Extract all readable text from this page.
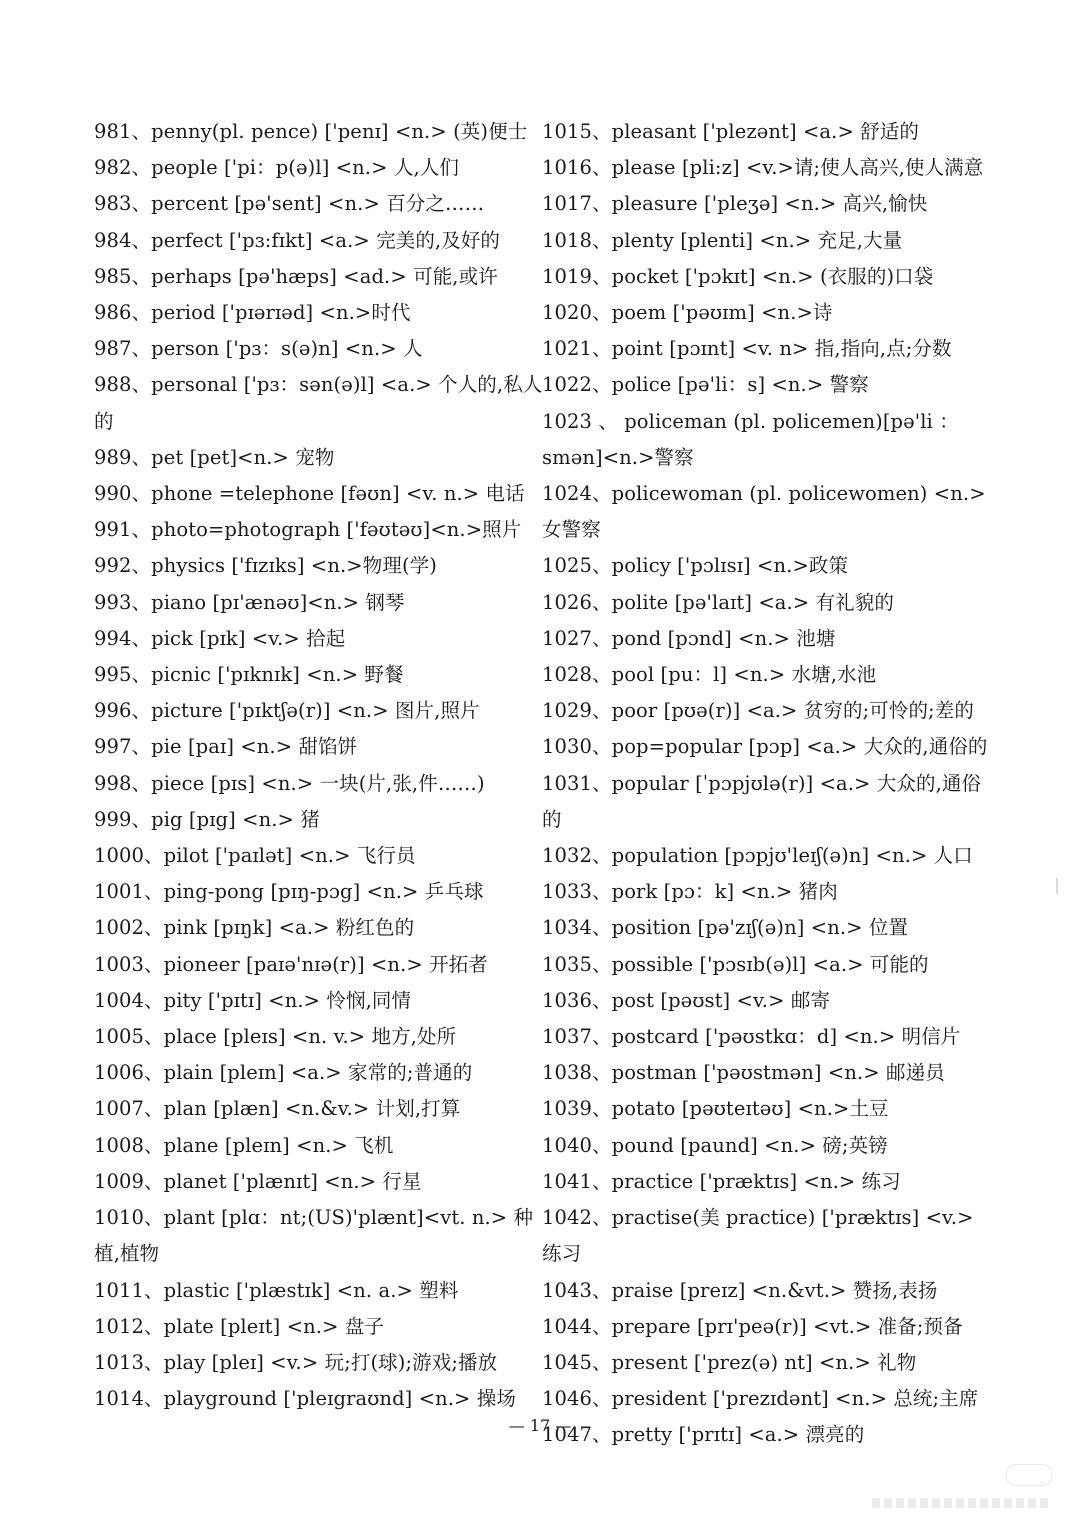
981、penny(pl. pence) ['penɪ] <n.> (英)便士
982、people ['pi：p(ə)l] <n.> 人,人们
983、percent [pə'sent] <n.> 百分之……
984、perfect ['pɜ:fɪkt] <a.> 完美的,及好的
985、perhaps [pə'hæps] <ad.> 可能,或许
986、period ['pɪərɪəd] <n.>时代
987、person ['pɜ：s(ə)n] <n.> 人
988、personal ['pɜ：sən(ə)l] <a.> 个人的,私人的
989、pet [pet]<n.> 宠物
990、phone =telephone [fəʊn] <v. n.> 电话
991、photo=photograph ['fəʊtəʊ]<n.>照片
992、physics ['fɪzɪks] <n.>物理(学)
993、piano [pɪ'ænəʊ]<n.> 钢琴
994、pick [pɪk] <v.> 拾起
995、picnic ['pɪknɪk] <n.> 野餐
996、picture ['pɪktʃə(r)] <n.> 图片,照片
997、pie [paɪ] <n.> 甜馅饼
998、piece [pɪs] <n.> 一块(片,张,件……)
999、pig [pɪg] <n.> 猪
1000、pilot ['paɪlət] <n.> 飞行员
1001、ping-pong [pɪŋ-pɔg] <n.> 乒乓球
1002、pink [pɪŋk] <a.> 粉红色的
1003、pioneer [paɪə'nɪə(r)] <n.> 开拓者
1004、pity ['pɪtɪ] <n.> 怜悯,同情
1005、place [pleɪs] <n. v.> 地方,处所
1006、plain [pleɪn] <a.> 家常的;普通的
1007、plan [plæn] <n.&v.> 计划,打算
1008、plane [pleɪn] <n.> 飞机
1009、planet ['plænɪt] <n.> 行星
1010、plant [plɑ：nt;(US)'plænt]<vt. n.> 种植,植物
1011、plastic ['plæstɪk] <n. a.> 塑料
1012、plate [pleɪt] <n.> 盘子
1013、play [pleɪ] <v.> 玩;打(球);游戏;播放
1014、playground ['pleɪgraʊnd] <n.> 操场
1015、pleasant ['plezənt] <a.> 舒适的
1016、please [pli:z] <v.>请;使人高兴,使人满意
1017、pleasure ['pleʒə] <n.> 高兴,愉快
1018、plenty [plenti] <n.> 充足,大量
1019、pocket ['pɔkɪt] <n.> (衣服的)口袋
1020、poem ['pəʊɪm] <n.>诗
1021、point [pɔɪnt] <v. n> 指,指向,点;分数
1022、police [pə'li：s] <n.> 警察
1023 、 policeman (pl. policemen)[pə'li ：smən]<n.>警察
1024、policewoman (pl. policewomen) <n.> 女警察
1025、policy ['pɔlɪsɪ] <n.>政策
1026、polite [pə'laɪt] <a.> 有礼貌的
1027、pond [pɔnd] <n.> 池塘
1028、pool [pu：l] <n.> 水塘,水池
1029、poor [pʊə(r)] <a.> 贫穷的;可怜的;差的
1030、pop=popular [pɔp] <a.> 大众的,通俗的
1031、popular [ˈpɔpjʊlə(r)] <a.> 大众的,通俗的
1032、population [pɔpjʊ'leɪʃ(ə)n] <n.> 人口
1033、pork [pɔ：k] <n.> 猪肉
1034、position [pə'zɪʃ(ə)n] <n.> 位置
1035、possible ['pɔsɪb(ə)l] <a.> 可能的
1036、post [pəʊst] <v.> 邮寄
1037、postcard ['pəʊstkɑ：d] <n.> 明信片
1038、postman ['pəʊstmən] <n.> 邮递员
1039、potato [pəʊteɪtəʊ] <n.>土豆
1040、pound [paund] <n.> 磅;英镑
1041、practice ['præktɪs] <n.> 练习
1042、practise(美 practice) ['præktɪs] <v.> 练习
1043、praise [preɪz] <n.&vt.> 赞扬,表扬
1044、prepare [prɪ'peə(r)] <vt.> 准备;预备
1045、present ['prez(ə) nt] <n.> 礼物
1046、president ['prezɪdənt] <n.> 总统;主席
1047、pretty ['prɪtɪ] <a.> 漂亮的
— 17 —
